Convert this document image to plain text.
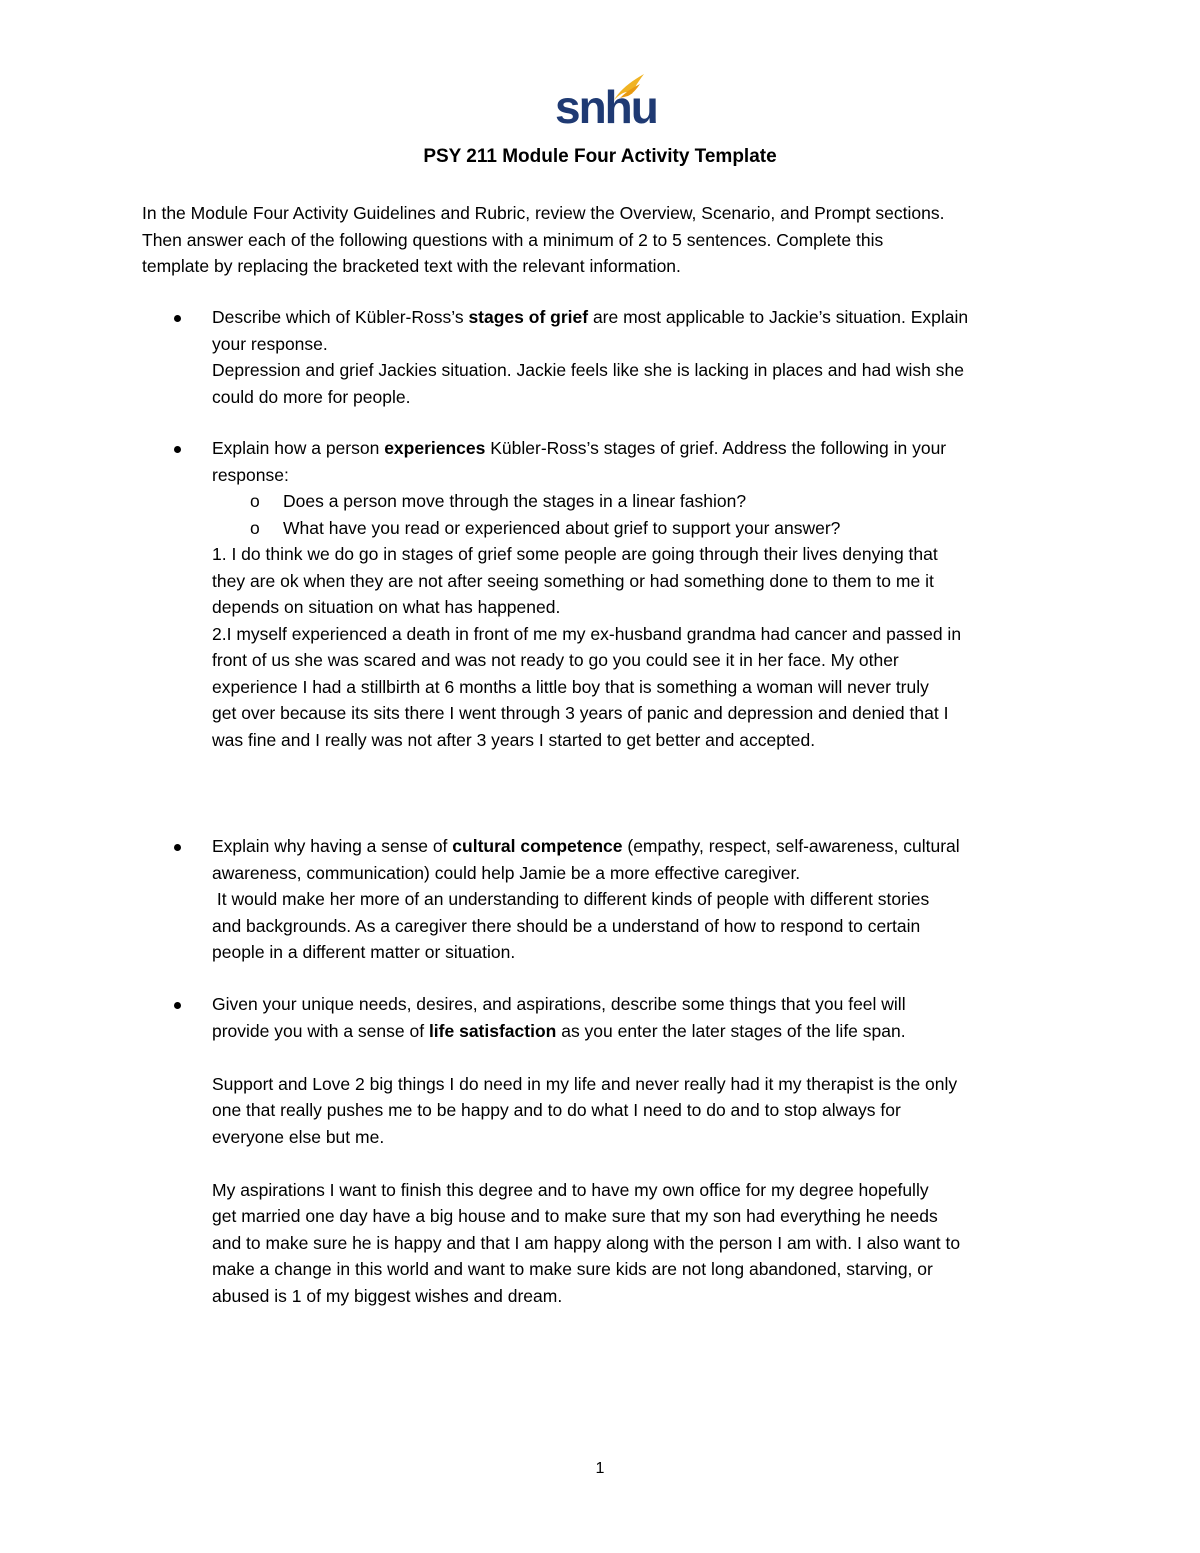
snhu
PSY 211 Module Four Activity Template
In the Module Four Activity Guidelines and Rubric, review the Overview, Scenario, and Prompt sections.
Then answer each of the following questions with a minimum of 2 to 5 sentences. Complete this
template by replacing the bracketed text with the relevant information.
Describe which of Kübler-Ross’s stages of grief are most applicable to Jackie’s situation. Explain
your response.
Depression and grief Jackies situation. Jackie feels like she is lacking in places and had wish she
could do more for people.
Explain how a person experiences Kübler-Ross’s stages of grief. Address the following in your
response:
o Does a person move through the stages in a linear fashion?
o What have you read or experienced about grief to support your answer?
1. I do think we do go in stages of grief some people are going through their lives denying that
they are ok when they are not after seeing something or had something done to them to me it
depends on situation on what has happened.
2.I myself experienced a death in front of me my ex-husband grandma had cancer and passed in
front of us she was scared and was not ready to go you could see it in her face. My other
experience I had a stillbirth at 6 months a little boy that is something a woman will never truly
get over because its sits there I went through 3 years of panic and depression and denied that I
was fine and I really was not after 3 years I started to get better and accepted.
Explain why having a sense of cultural competence (empathy, respect, self-awareness, cultural
awareness, communication) could help Jamie be a more effective caregiver.
It would make her more of an understanding to different kinds of people with different stories
and backgrounds. As a caregiver there should be a understand of how to respond to certain
people in a different matter or situation.
Given your unique needs, desires, and aspirations, describe some things that you feel will
provide you with a sense of life satisfaction as you enter the later stages of the life span.
Support and Love 2 big things I do need in my life and never really had it my therapist is the only
one that really pushes me to be happy and to do what I need to do and to stop always for
everyone else but me.
My aspirations I want to finish this degree and to have my own office for my degree hopefully
get married one day have a big house and to make sure that my son had everything he needs
and to make sure he is happy and that I am happy along with the person I am with. I also want to
make a change in this world and want to make sure kids are not long abandoned, starving, or
abused is 1 of my biggest wishes and dream.
1
